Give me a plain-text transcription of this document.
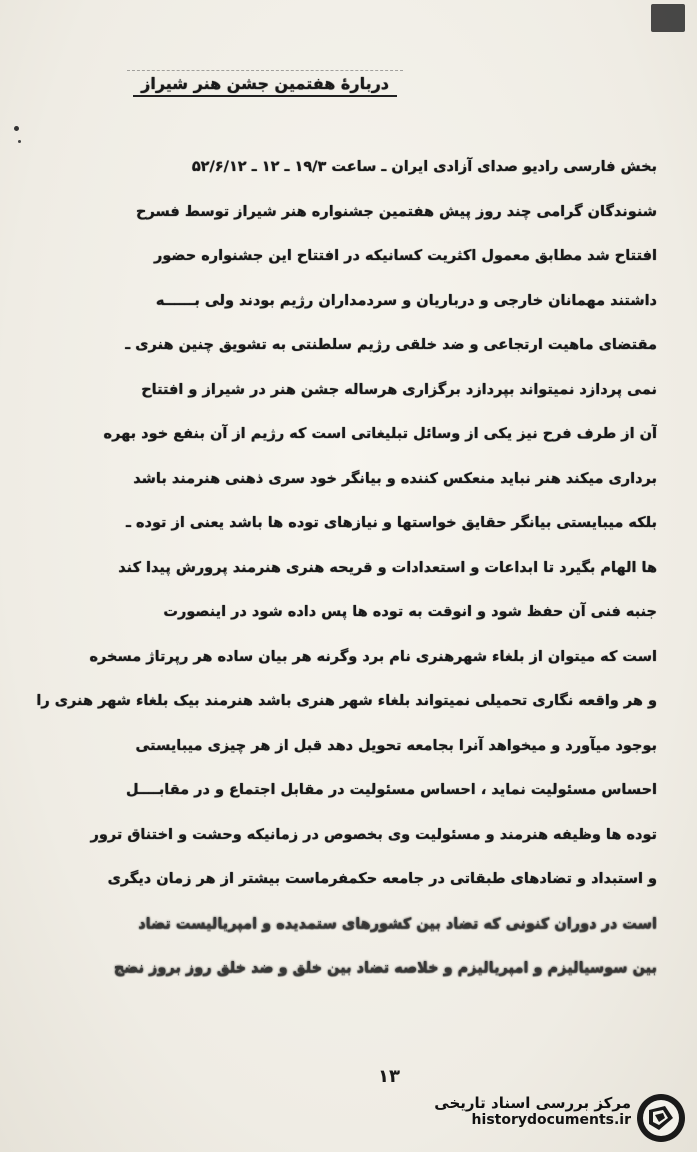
دربارهٔ هفتمین جشن هنر شیراز
بخش فارسی رادیو صدای آزادی ایران ـ ساعت ۱۹/۳ ـ ۱۲ ـ ۵۲/۶/۱۲
شنوندگان گرامی چند روز پیش هفتمین جشنواره هنر شیراز توسط فسرح
افتتاح شد مطابق معمول اکثریت کسانیکه در افتتاح این جشنواره حضور
داشتند مهمانان خارجی و درباریان و سردمداران رژیم بودند ولی بــــــه
مقتضای ماهیت ارتجاعی و ضد خلقی رژیم سلطنتی به تشویق چنین هنری ـ
نمی پردازد نمیتواند بپردازد برگزاری هرساله جشن هنر در شیراز و افتتاح
آن از طرف فرح نیز یکی از وسائل تبلیغاتی است که رژیم از آن بنفع خود بهره
برداری میکند هنر نباید منعکس کننده و بیانگر خود سری ذهنی هنرمند باشد
بلکه میبایستی بیانگر حقایق خواستها و نیازهای توده ها باشد یعنی از توده ـ
ها الهام بگیرد تا ابداعات و استعدادات و قریحه هنری هنرمند پرورش پیدا کند
جنبه فنی آن حفظ شود و انوقت به توده ها پس داده شود در اینصورت
است که میتوان از بلغاء شهرهنری نام برد وگرنه هر بیان ساده هر رپرتاژ مسخره
و هر واقعه نگاری تحمیلی نمیتواند بلغاء شهر هنری باشد هنرمند بیک بلغاء شهر هنری را
بوجود میآورد و میخواهد آنرا بجامعه تحویل دهد قبل از هر چیزی میبایستی
احساس مسئولیت نماید ، احساس مسئولیت در مقابل اجتماع و در مقابــــل
توده ها وظیفه هنرمند و مسئولیت وی بخصوص در زمانیکه وحشت و اختناق ترور
و استبداد و تضادهای طبقاتی در جامعه حکمفرماست بیشتر از هر زمان دیگری
است در دوران کنونی که تضاد بین کشورهای ستمدیده و امپریالیست تضاد
بین سوسیالیزم و امپریالیزم و خلاصه تضاد بین خلق و ضد خلق روز بروز نضج
۱۳
مرکز بررسی اسناد تاریخی
historydocuments.ir
